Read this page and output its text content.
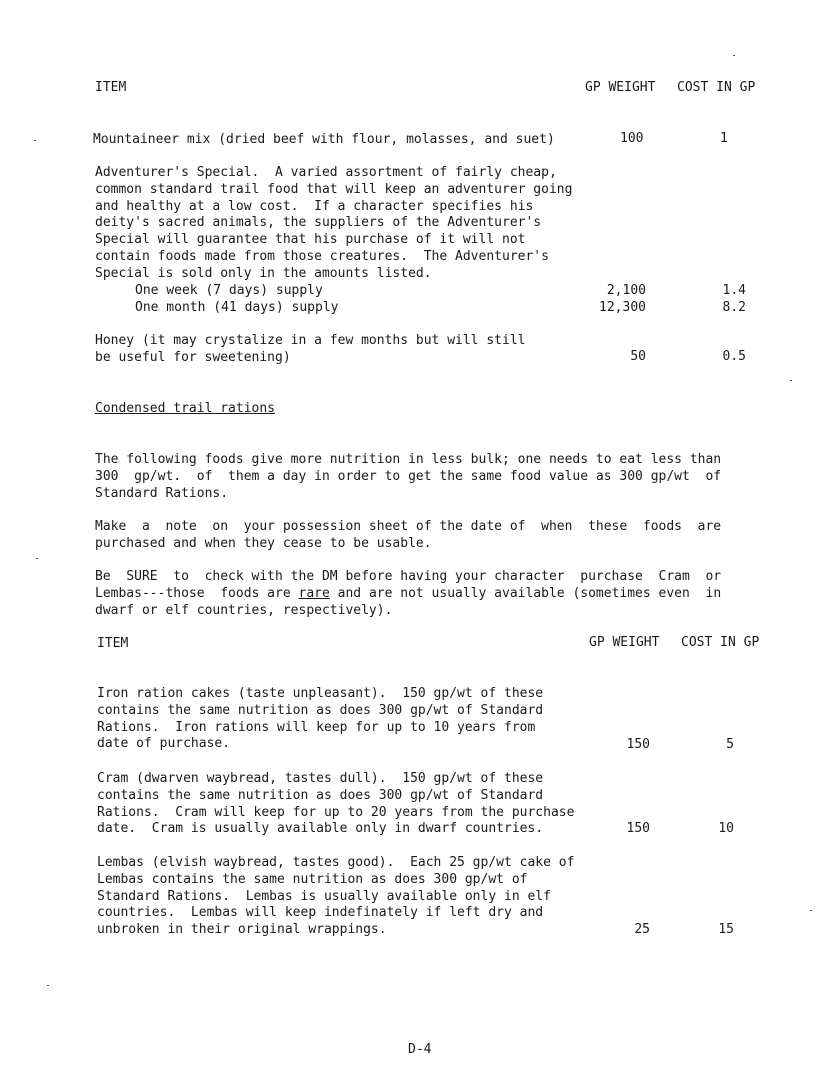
ITEM	GP WEIGHT COST IN GP
Mountaineer mix (dried beef with flour, molasses, and suet)	100	1
Adventurer's Special.  A varied assortment of fairly cheap,
common standard trail food that will keep an adventurer going
and healthy at a low cost.  If a character specifies his
deity's sacred animals, the suppliers of the Adventurer's
Special will guarantee that his purchase of it will not
contain foods made from those creatures.  The Adventurer's
Special is sold only in the amounts listed.
One week (7 days) supply	2,100	1.4
One month (41 days) supply	12,300	8.2
Honey (it may crystalize in a few months but will still
be useful for sweetening)	50	0.5
Condensed trail rations
The following foods give more nutrition in less bulk; one needs to eat less than
300  gp/wt.  of  them a day in order to get the same food value as 300 gp/wt  of
Standard Rations.
Make  a  note  on  your possession sheet of the date of  when  these  foods  are
purchased and when they cease to be usable.
Be  SURE  to  check with the DM before having your character  purchase  Cram  or
Lembas---those  foods are rare and are not usually available (sometimes even  in
dwarf or elf countries, respectively).
ITEM	GP WEIGHT COST IN GP
Iron ration cakes (taste unpleasant).  150 gp/wt of these
contains the same nutrition as does 300 gp/wt of Standard
Rations.  Iron rations will keep for up to 10 years from
date of purchase.	150	5
Cram (dwarven waybread, tastes dull).  150 gp/wt of these
contains the same nutrition as does 300 gp/wt of Standard
Rations.  Cram will keep for up to 20 years from the purchase
date.  Cram is usually available only in dwarf countries.	150	10
Lembas (elvish waybread, tastes good).  Each 25 gp/wt cake of
Lembas contains the same nutrition as does 300 gp/wt of
Standard Rations.  Lembas is usually available only in elf
countries.  Lembas will keep indefinately if left dry and
unbroken in their original wrappings.	25	15
D-4
